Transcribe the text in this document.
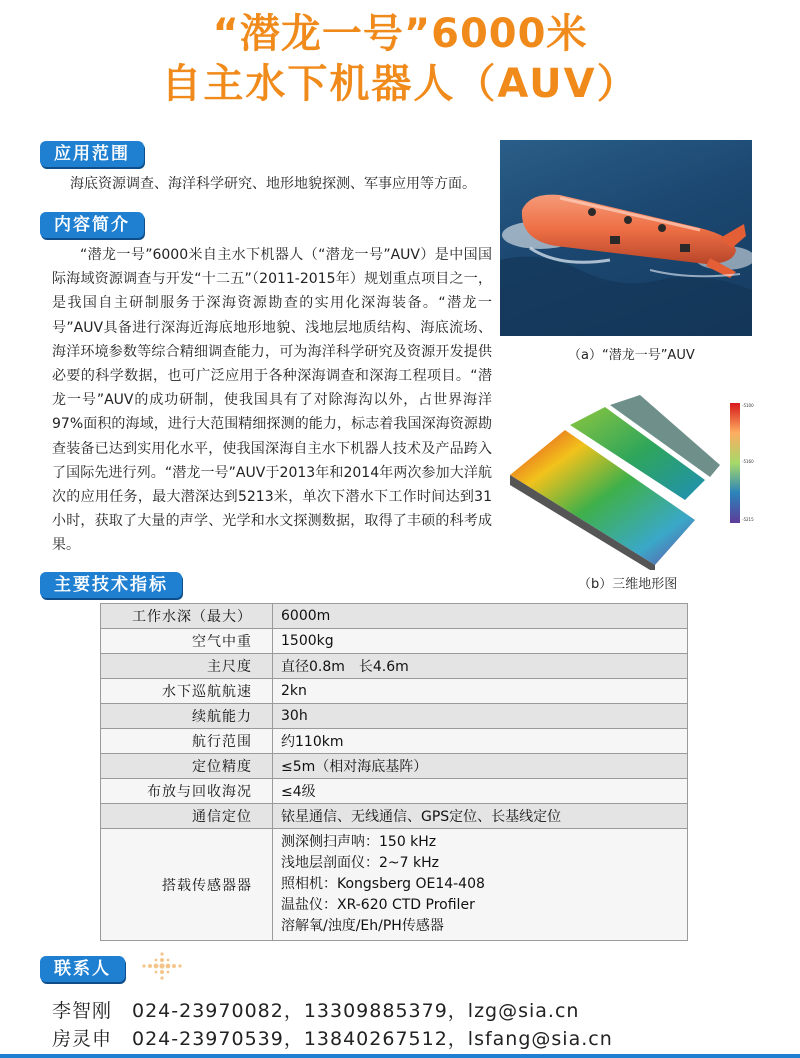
“潜龙一号”6000米
自主水下机器人（AUV）
应用范围

海底资源调查、海洋科学研究、地形地貌探测、军事应用等方面。

内容简介

“潜龙一号”6000米自主水下机器人（“潜龙一号”AUV）是中国国际海域资源调查与开发“十二五”（2011-2015年）规划重点项目之一，是我国自主研制服务于深海资源勘查的实用化深海装备。“潜龙一号”AUV具备进行深海近海底地形地貌、浅地层地质结构、海底流场、海洋环境参数等综合精细调查能力，可为海洋科学研究及资源开发提供必要的科学数据，也可广泛应用于各种深海调查和深海工程项目。“潜龙一号”AUV的成功研制，使我国具有了对除海沟以外，占世界海洋97%面积的海域，进行大范围精细探测的能力，标志着我国深海资源勘查装备已达到实用化水平，使我国深海自主水下机器人技术及产品跨入了国际先进行列。“潜龙一号”AUV于2013年和2014年两次参加大洋航次的应用任务，最大潜深达到5213米，单次下潜水下工作时间达到31小时，获取了大量的声学、光学和水文探测数据，取得了丰硕的科考成果。

（a）“潜龙一号”AUV
-5100
-5160
-5215
（b）三维地形图
主要技术指标
工作水深（最大）	6000m
空气中重	1500kg
主尺度	直径0.8m　长4.6m
水下巡航航速	2kn
续航能力	30h
航行范围	约110km
定位精度	≤5m（相对海底基阵）
布放与回收海况	≤4级
通信定位	铱星通信、无线通信、GPS定位、长基线定位
搭载传感器器	测深侧扫声呐：150 kHz
浅地层剖面仪：2~7 kHz
照相机：Kongsberg OE14-408
温盐仪：XR-620 CTD Profiler
溶解氧/浊度/Eh/PH传感器
联系人
李智刚　024-23970082，13309885379，lzg@sia.cn
房灵申　024-23970539，13840267512，lsfang@sia.cn
